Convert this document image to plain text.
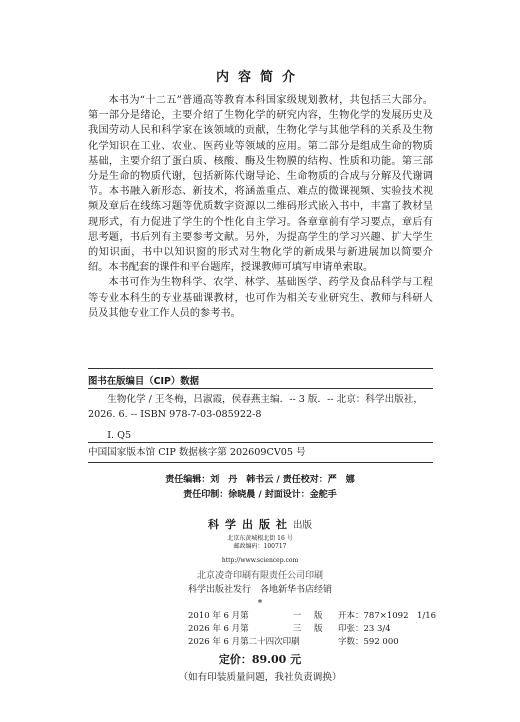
内容简介

本书为“十二五”普通高等教育本科国家级规划教材，共包括三大部分。第一部分是绪论，主要介绍了生物化学的研究内容，生物化学的发展历史及我国劳动人民和科学家在该领域的贡献，生物化学与其他学科的关系及生物化学知识在工业、农业、医药业等领域的应用。第二部分是组成生命的物质基础，主要介绍了蛋白质、核酸、酶及生物膜的结构、性质和功能。第三部分是生命的物质代谢，包括新陈代谢导论、生命物质的合成与分解及代谢调节。本书融入新形态、新技术，将涵盖重点、难点的微课视频、实验技术视频及章后在线练习题等优质数字资源以二维码形式嵌入书中，丰富了教材呈现形式，有力促进了学生的个性化自主学习。各章章前有学习要点，章后有思考题，书后列有主要参考文献。另外，为提高学生的学习兴趣、扩大学生的知识面，书中以知识窗的形式对生物化学的新成果与新进展加以简要介绍。本书配套的课件和平台题库，授课教师可填写申请单索取。

本书可作为生物科学、农学、林学、基础医学、药学及食品科学与工程等专业本科生的专业基础课教材，也可作为相关专业研究生、教师与科研人员及其他专业工作人员的参考书。

图书在版编目（CIP）数据
生物化学 / 王冬梅，吕淑霞，侯春燕主编．-- 3 版．-- 北京：科学出版社，
2026. 6. -- ISBN 978-7-03-085922-8
Ⅰ. Q5
中国国家版本馆 CIP 数据核字第 202609CV05 号
责任编辑：刘　丹　韩书云 / 责任校对：严　娜
责任印制：徐晓晨 / 封面设计：金舵手
科学出版社出版
北京东黄城根北街 16 号
邮政编码：100717
http://www.sciencep.com
北京凌奇印刷有限责任公司印刷
科学出版社发行　各地新华书店经销
*
2010 年 6 月第	一 版 开本：787×1092　1/16
2026 年 6 月第	三 版 印张：23 3/4
2026 年 6 月第二十四次印刷	字数：592 000
定价：89.00 元
（如有印装质量问题，我社负责调换）
